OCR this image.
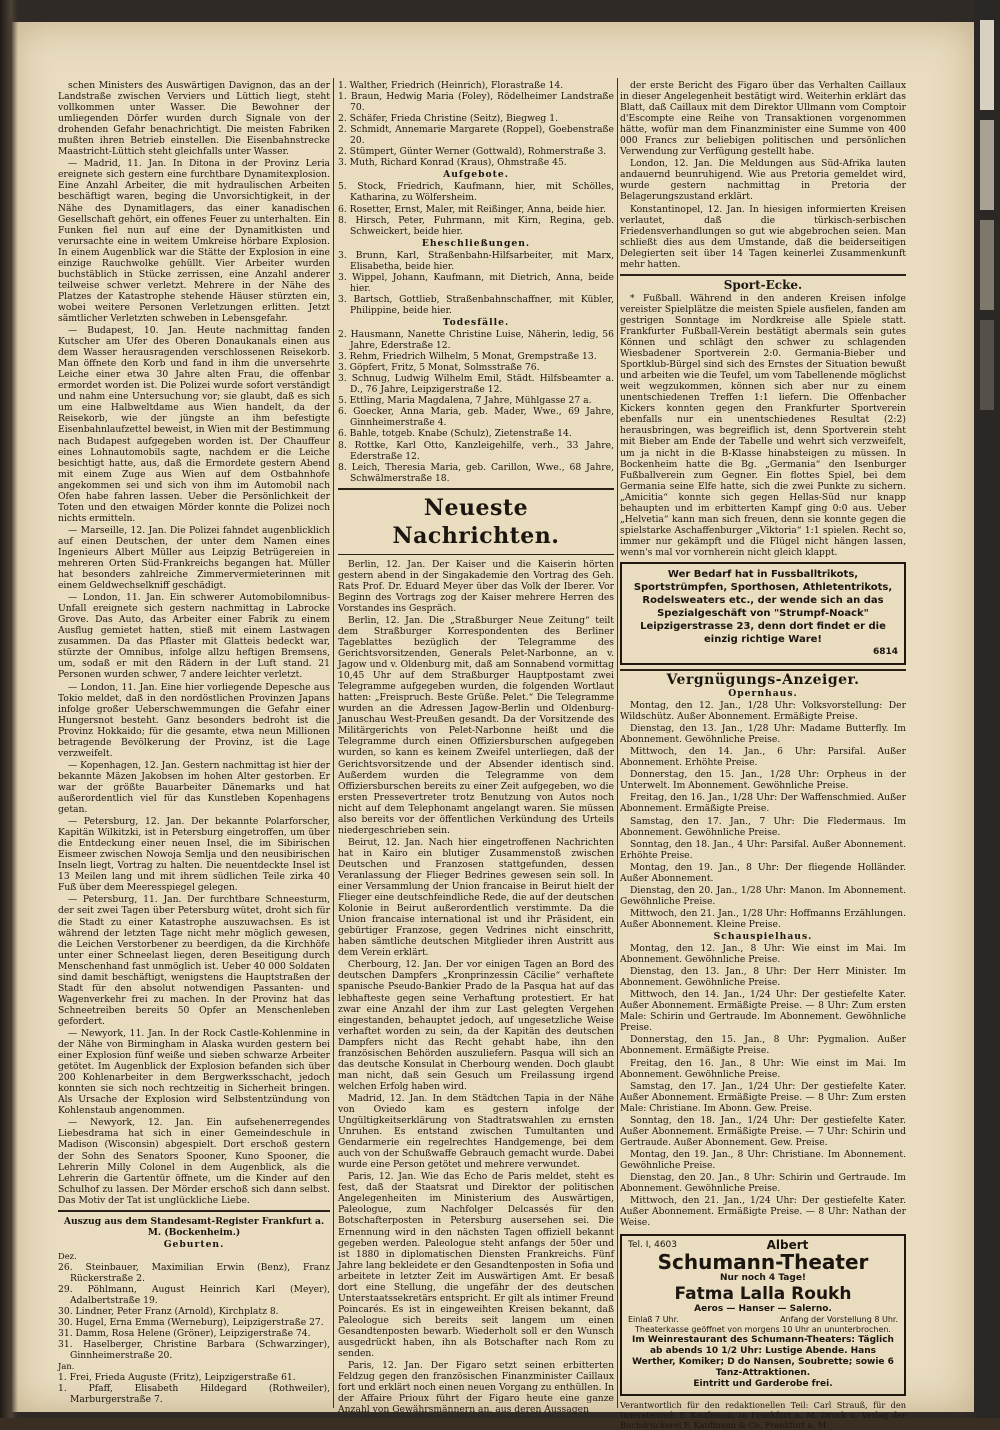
schen Ministers des Auswärtigen Davignon, das an der Landstraße zwischen Verviers und Lüttich liegt, steht vollkommen unter Wasser. Die Bewohner der umliegenden Dörfer wurden durch Signale von der drohenden Gefahr benachrichtigt. Die meisten Fabriken mußten ihren Betrieb einstellen. Die Eisenbahnstrecke Maastricht-Lüttich steht gleichfalls unter Wasser.

— Madrid, 11. Jan. In Ditona in der Provinz Leria ereignete sich gestern eine furchtbare Dynamitexplosion. Eine Anzahl Arbeiter, die mit hydraulischen Arbeiten beschäftigt waren, beging die Unvorsichtigkeit, in der Nähe des Dynamitlagers, das einer kanadischen Gesellschaft gehört, ein offenes Feuer zu unterhalten. Ein Funken fiel nun auf eine der Dynamitkisten und verursachte eine in weitem Umkreise hörbare Explosion. In einem Augenblick war die Stätte der Explosion in eine einzige Rauchwolke gehüllt. Vier Arbeiter wurden buchstäblich in Stücke zerrissen, eine Anzahl anderer teilweise schwer verletzt. Mehrere in der Nähe des Platzes der Katastrophe stehende Häuser stürzten ein, wobei weitere Personen Verletzungen erlitten. Jetzt sämtlicher Verletzten schweben in Lebensgefahr.

— Budapest, 10. Jan. Heute nachmittag fanden Kutscher am Ufer des Oberen Donaukanals einen aus dem Wasser herausragenden verschlossenen Reisekorb. Man öffnete den Korb und fand in ihm die unversehrte Leiche einer etwa 30 Jahre alten Frau, die offenbar ermordet worden ist. Die Polizei wurde sofort verständigt und nahm eine Untersuchung vor; sie glaubt, daß es sich um eine Halbweltdame aus Wien handelt, da der Reisekorb, wie der jüngste an ihm befestigte Eisenbahnlaufzettel beweist, in Wien mit der Bestimmung nach Budapest aufgegeben worden ist. Der Chauffeur eines Lohnautomobils sagte, nachdem er die Leiche besichtigt hatte, aus, daß die Ermordete gestern Abend mit einem Zuge aus Wien auf dem Ostbahnhofe angekommen sei und sich von ihm im Automobil nach Ofen habe fahren lassen. Ueber die Persönlichkeit der Toten und den etwaigen Mörder konnte die Polizei noch nichts ermitteln.

— Marseille, 12. Jan. Die Polizei fahndet augenblicklich auf einen Deutschen, der unter dem Namen eines Ingenieurs Albert Müller aus Leipzig Betrügereien in mehreren Orten Süd-Frankreichs begangen hat. Müller hat besonders zahlreiche Zimmervermieterinnen mit einem Geldwechselkniff geschädigt.

— London, 11. Jan. Ein schwerer Automobilomnibus-Unfall ereignete sich gestern nachmittag in Labrocke Grove. Das Auto, das Arbeiter einer Fabrik zu einem Ausflug gemietet hatten, stieß mit einem Lastwagen zusammen. Da das Pflaster mit Glatteis bedeckt war, stürzte der Omnibus, infolge allzu heftigen Bremsens, um, sodaß er mit den Rädern in der Luft stand. 21 Personen wurden schwer, 7 andere leichter verletzt.

— London, 11. Jan. Eine hier vorliegende Depesche aus Tokio meldet, daß in den nordöstlichen Provinzen Japans infolge großer Ueberschwemmungen die Gefahr einer Hungersnot besteht. Ganz besonders bedroht ist die Provinz Hokkaido; für die gesamte, etwa neun Millionen betragende Bevölkerung der Provinz, ist die Lage verzweifelt.

— Kopenhagen, 12. Jan. Gestern nachmittag ist hier der bekannte Mäzen Jakobsen im hohen Alter gestorben. Er war der größte Bauarbeiter Dänemarks und hat außerordentlich viel für das Kunstleben Kopenhagens getan.

— Petersburg, 12. Jan. Der bekannte Polarforscher, Kapitän Wilkitzki, ist in Petersburg eingetroffen, um über die Entdeckung einer neuen Insel, die im Sibirischen Eismeer zwischen Nowoja Semlja und den neusibirischen Inseln liegt, Vortrag zu halten. Die neuentdeckte Insel ist 13 Meilen lang und mit ihrem südlichen Teile zirka 40 Fuß über dem Meeresspiegel gelegen.

— Petersburg, 11. Jan. Der furchtbare Schneesturm, der seit zwei Tagen über Petersburg wütet, droht sich für die Stadt zu einer Katastrophe auszuwachsen. Es ist während der letzten Tage nicht mehr möglich gewesen, die Leichen Verstorbener zu beerdigen, da die Kirchhöfe unter einer Schneelast liegen, deren Beseitigung durch Menschenhand fast unmöglich ist. Ueber 40 000 Soldaten sind damit beschäftigt, wenigstens die Hauptstraßen der Stadt für den absolut notwendigen Passanten- und Wagenverkehr frei zu machen. In der Provinz hat das Schneetreiben bereits 50 Opfer an Menschenleben gefordert.

— Newyork, 11. Jan. In der Rock Castle-Kohlenmine in der Nähe von Birmingham in Alaska wurden gestern bei einer Explosion fünf weiße und sieben schwarze Arbeiter getötet. Im Augenblick der Explosion befanden sich über 200 Kohlenarbeiter in dem Bergwerksschacht, jedoch konnten sie sich noch rechtzeitig in Sicherheit bringen. Als Ursache der Explosion wird Selbstentzündung von Kohlenstaub angenommen.

— Newyork, 12. Jan. Ein aufsehenerregendes Liebesdrama hat sich in einer Gemeindeschule in Madison (Wisconsin) abgespielt. Dort erschoß gestern der Sohn des Senators Spooner, Kuno Spooner, die Lehrerin Milly Colonel in dem Augenblick, als die Lehrerin die Gartentür öffnete, um die Kinder auf den Schulhof zu lassen. Der Mörder erschoß sich dann selbst. Das Motiv der Tat ist unglückliche Liebe.

Auszug aus dem Standesamt-Register Frankfurt a. M. (Bockenheim.)

Geburten.

Dez.

26. Steinbauer, Maximilian Erwin (Benz), Franz Rückerstraße 2.

29. Pöhlmann, August Heinrich Karl (Meyer), Adalbertstraße 19.

30. Lindner, Peter Franz (Arnold), Kirchplatz 8.

30. Hugel, Erna Emma (Werneburg), Leipzigerstraße 27.

31. Damm, Rosa Helene (Gröner), Leipzigerstraße 74.

31. Haselberger, Christine Barbara (Schwarzinger), Ginnheimerstraße 20.

Jan.

1. Frei, Frieda Auguste (Fritz), Leipzigerstraße 61.

1. Pfaff, Elisabeth Hildegard (Rothweiler), Marburgerstraße 7.

1. Walther, Friedrich (Heinrich), Florastraße 14.

1. Braun, Hedwig Maria (Foley), Rödelheimer Landstraße 70.

2. Schäfer, Frieda Christine (Seitz), Biegweg 1.

2. Schmidt, Annemarie Margarete (Roppel), Goebenstraße 20.

2. Stümpert, Günter Werner (Gottwald), Rohmerstraße 3.

3. Muth, Richard Konrad (Kraus), Ohmstraße 45.

Aufgebote.

5. Stock, Friedrich, Kaufmann, hier, mit Schölles, Katharina, zu Wölfersheim.

6. Rosetter, Ernst, Maler, mit Reißinger, Anna, beide hier.

8. Hirsch, Peter, Fuhrmann, mit Kirn, Regina, geb. Schweickert, beide hier.

Eheschließungen.

3. Brunn, Karl, Straßenbahn-Hilfsarbeiter, mit Marx, Elisabetha, beide hier.

3. Wippel, Johann, Kaufmann, mit Dietrich, Anna, beide hier.

3. Bartsch, Gottlieb, Straßenbahnschaffner, mit Kübler, Philippine, beide hier.

Todesfälle.

2. Hausmann, Nanette Christine Luise, Näherin, ledig, 56 Jahre, Ederstraße 12.

3. Rehm, Friedrich Wilhelm, 5 Monat, Grempstraße 13.

3. Göpfert, Fritz, 5 Monat, Solmsstraße 76.

3. Schnug, Ludwig Wilhelm Emil, Städt. Hilfsbeamter a. D., 76 Jahre, Leipzigerstraße 12.

5. Ettling, Maria Magdalena, 7 Jahre, Mühlgasse 27 a.

6. Goecker, Anna Maria, geb. Mader, Wwe., 69 Jahre, Ginnheimerstraße 4.

6. Bahle, totgeb. Knabe (Schulz), Zietenstraße 14.

8. Rottke, Karl Otto, Kanzleigehilfe, verh., 33 Jahre, Ederstraße 12.

8. Leich, Theresia Maria, geb. Carillon, Wwe., 68 Jahre, Schwälmerstraße 18.

Neueste Nachrichten.

Berlin, 12. Jan. Der Kaiser und die Kaiserin hörten gestern abend in der Singakademie den Vortrag des Geh. Rats Prof. Dr. Eduard Meyer über das Volk der Iberer. Vor Beginn des Vortrags zog der Kaiser mehrere Herren des Vorstandes ins Gespräch.

Berlin, 12. Jan. Die „Straßburger Neue Zeitung“ teilt dem Straßburger Korrespondenten des Berliner Tageblattes bezüglich der Telegramme des Gerichtsvorsitzenden, Generals Pelet-Narbonne, an v. Jagow und v. Oldenburg mit, daß am Sonnabend vormittag 10,45 Uhr auf dem Straßburger Hauptpostamt zwei Telegramme aufgegeben wurden, die folgenden Wortlaut hatten: „Freispruch. Beste Grüße. Pelet.“ Die Telegramme wurden an die Adressen Jagow-Berlin und Oldenburg-Januschau West-Preußen gesandt. Da der Vorsitzende des Militärgerichts von Pelet-Narbonne heißt und die Telegramme durch einen Offiziersburschen aufgegeben wurden, so kann es keinem Zweifel unterliegen, daß der Gerichtsvorsitzende und der Absender identisch sind. Außerdem wurden die Telegramme von dem Offiziersburschen bereits zu einer Zeit aufgegeben, wo die ersten Pressevertreter trotz Benutzung von Autos noch nicht auf dem Telephonamt angelangt waren. Sie müssen also bereits vor der öffentlichen Verkündung des Urteils niedergeschrieben sein.

Beirut, 12. Jan. Nach hier eingetroffenen Nachrichten hat in Kairo ein blutiger Zusammenstoß zwischen Deutschen und Franzosen stattgefunden, dessen Veranlassung der Flieger Bedrines gewesen sein soll. In einer Versammlung der Union francaise in Beirut hielt der Flieger eine deutschfeindliche Rede, die auf der deutschen Kolonie in Beirut außerordentlich verstimmte. Da die Union francaise international ist und ihr Präsident, ein gebürtiger Franzose, gegen Vedrines nicht einschritt, haben sämtliche deutschen Mitglieder ihren Austritt aus dem Verein erklärt.

Cherbourg, 12. Jan. Der vor einigen Tagen an Bord des deutschen Dampfers „Kronprinzessin Cäcilie“ verhaftete spanische Pseudo-Bankier Prado de la Pasqua hat auf das lebhafteste gegen seine Verhaftung protestiert. Er hat zwar eine Anzahl der ihm zur Last gelegten Vergehen eingestanden, behauptet jedoch, auf ungesetzliche Weise verhaftet worden zu sein, da der Kapitän des deutschen Dampfers nicht das Recht gehabt habe, ihn den französischen Behörden auszuliefern. Pasqua will sich an das deutsche Konsulat in Cherbourg wenden. Doch glaubt man nicht, daß sein Gesuch um Freilassung irgend welchen Erfolg haben wird.

Madrid, 12. Jan. In dem Städtchen Tapia in der Nähe von Oviedo kam es gestern infolge der Ungültigkeitserklärung von Stadtratswahlen zu ernsten Unruhen. Es entstand zwischen Tumultanten und Gendarmerie ein regelrechtes Handgemenge, bei dem auch von der Schußwaffe Gebrauch gemacht wurde. Dabei wurde eine Person getötet und mehrere verwundet.

Paris, 12. Jan. Wie das Echo de Paris meldet, steht es fest, daß der Staatsrat und Direktor der politischen Angelegenheiten im Ministerium des Auswärtigen, Paleologue, zum Nachfolger Delcassés für den Botschafterposten in Petersburg ausersehen sei. Die Ernennung wird in den nächsten Tagen offiziell bekannt gegeben werden. Paleologue steht anfangs der 50er und ist 1880 in diplomatischen Diensten Frankreichs. Fünf Jahre lang bekleidete er den Gesandtenposten in Sofia und arbeitete in letzter Zeit im Auswärtigen Amt. Er besaß dort eine Stellung, die ungefähr der des deutschen Unterstaatssekretärs entspricht. Er gilt als intimer Freund Poincarés. Es ist in eingeweihten Kreisen bekannt, daß Paleologue sich bereits seit langem um einen Gesandtenposten bewarb. Wiederholt soll er den Wunsch ausgedrückt haben, ihn als Botschafter nach Rom zu senden.

Paris, 12. Jan. Der Figaro setzt seinen erbitterten Feldzug gegen den französischen Finanzminister Caillaux fort und erklärt noch einen neuen Vorgang zu enthüllen. In der Affaire Prioux führt der Figaro heute eine ganze Anzahl von Gewährsmännern an, aus deren Aussagen

der erste Bericht des Figaro über das Verhalten Caillaux in dieser Angelegenheit bestätigt wird. Weiterhin erklärt das Blatt, daß Caillaux mit dem Direktor Ullmann vom Comptoir d'Escompte eine Reihe von Transaktionen vorgenommen hätte, wofür man dem Finanzminister eine Summe von 400 000 Francs zur beliebigen politischen und persönlichen Verwendung zur Verfügung gestellt habe.

London, 12. Jan. Die Meldungen aus Süd-Afrika lauten andauernd beunruhigend. Wie aus Pretoria gemeldet wird, wurde gestern nachmittag in Pretoria der Belagerungszustand erklärt.

Konstantinopel, 12. Jan. In hiesigen informierten Kreisen verlautet, daß die türkisch-serbischen Friedensverhandlungen so gut wie abgebrochen seien. Man schließt dies aus dem Umstande, daß die beiderseitigen Delegierten seit über 14 Tagen keinerlei Zusammenkunft mehr hatten.

Sport-Ecke.

* Fußball. Während in den anderen Kreisen infolge vereister Spielplätze die meisten Spiele ausfielen, fanden am gestrigen Sonntage im Nordkreise alle Spiele statt. Frankfurter Fußball-Verein bestätigt abermals sein gutes Können und schlägt den schwer zu schlagenden Wiesbadener Sportverein 2:0. Germania-Bieber und Sportklub-Bürgel sind sich des Ernstes der Situation bewußt und arbeiten wie die Teufel, um vom Tabellenende möglichst weit wegzukommen, können sich aber nur zu einem unentschiedenen Treffen 1:1 liefern. Die Offenbacher Kickers konnten gegen den Frankfurter Sportverein ebenfalls nur ein unentschiedenes Resultat (2:2) herausbringen, was begreiflich ist, denn Sportverein steht mit Bieber am Ende der Tabelle und wehrt sich verzweifelt, um ja nicht in die B-Klasse hinabsteigen zu müssen. In Bockenheim hatte die Bg. „Germania“ den Isenburger Fußballverein zum Gegner. Ein flottes Spiel, bei dem Germania seine Elfe hatte, sich die zwei Punkte zu sichern. „Amicitia“ konnte sich gegen Hellas-Süd nur knapp behaupten und im erbitterten Kampf ging 0:0 aus. Ueber „Helvetia“ kann man sich freuen, denn sie konnte gegen die spielstarke Aschaffenburger „Viktoria“ 1:1 spielen. Recht so, immer nur gekämpft und die Flügel nicht hängen lassen, wenn's mal vor vornherein nicht gleich klappt.

Wer Bedarf hat in Fussballtrikots, Sportstrümpfen, Sporthosen, Athletentrikots, Rodelsweaters etc., der wende sich an das Spezialgeschäft von "Strumpf-Noack" Leipzigerstrasse 23, denn dort findet er die einzig richtige Ware!
6814
Vergnügungs-Anzeiger.

Opernhaus.

Montag, den 12. Jan., 1/28 Uhr: Volksvorstellung: Der Wildschütz. Außer Abonnement. Ermäßigte Preise.

Dienstag, den 13. Jan., 1/28 Uhr: Madame Butterfly. Im Abonnement. Gewöhnliche Preise.

Mittwoch, den 14. Jan., 6 Uhr: Parsifal. Außer Abonnement. Erhöhte Preise.

Donnerstag, den 15. Jan., 1/28 Uhr: Orpheus in der Unterwelt. Im Abonnement. Gewöhnliche Preise.

Freitag, den 16. Jan., 1/28 Uhr: Der Waffenschmied. Außer Abonnement. Ermäßigte Preise.

Samstag, den 17. Jan., 7 Uhr: Die Fledermaus. Im Abonnement. Gewöhnliche Preise.

Sonntag, den 18. Jan., 4 Uhr: Parsifal. Außer Abonnement. Erhöhte Preise.

Montag, den 19. Jan., 8 Uhr: Der fliegende Holländer. Außer Abonnement.

Dienstag, den 20. Jan., 1/28 Uhr: Manon. Im Abonnement. Gewöhnliche Preise.

Mittwoch, den 21. Jan., 1/28 Uhr: Hoffmanns Erzählungen. Außer Abonnement. Kleine Preise.

Schauspielhaus.

Montag, den 12. Jan., 8 Uhr: Wie einst im Mai. Im Abonnement. Gewöhnliche Preise.

Dienstag, den 13. Jan., 8 Uhr: Der Herr Minister. Im Abonnement. Gewöhnliche Preise.

Mittwoch, den 14. Jan., 1/24 Uhr: Der gestiefelte Kater. Außer Abonnement. Ermäßigte Preise. — 8 Uhr: Zum ersten Male: Schirin und Gertraude. Im Abonnement. Gewöhnliche Preise.

Donnerstag, den 15. Jan., 8 Uhr: Pygmalion. Außer Abonnement. Ermäßigte Preise.

Freitag, den 16. Jan., 8 Uhr: Wie einst im Mai. Im Abonnement. Gewöhnliche Preise.

Samstag, den 17. Jan., 1/24 Uhr: Der gestiefelte Kater. Außer Abonnement. Ermäßigte Preise. — 8 Uhr: Zum ersten Male: Christiane. Im Abonn. Gew. Preise.

Sonntag, den 18. Jan., 1/24 Uhr: Der gestiefelte Kater. Außer Abonnement. Ermäßigte Preise. — 7 Uhr: Schirin und Gertraude. Außer Abonnement. Gew. Preise.

Montag, den 19. Jan., 8 Uhr: Christiane. Im Abonnement. Gewöhnliche Preise.

Dienstag, den 20. Jan., 8 Uhr: Schirin und Gertraude. Im Abonnement. Gewöhnliche Preise.

Mittwoch, den 21. Jan., 1/24 Uhr: Der gestiefelte Kater. Außer Abonnement. Ermäßigte Preise. — 8 Uhr: Nathan der Weise.

Tel. I, 4603	Albert
Schumann-Theater
Nur noch 4 Tage!
Fatma Lalla Roukh
Aeros — Hanser — Salerno.
Einlaß 7 Uhr.	Anfang der Vorstellung 8 Uhr.
Theaterkasse geöffnet von morgens 10 Uhr an ununterbrochen.
Im Weinrestaurant des Schumann-Theaters: Täglich ab abends 10 1/2 Uhr: Lustige Abende. Hans Werther, Komiker; D do Nansen, Soubrette; sowie 6 Tanz-Attraktionen.
Eintritt und Garderobe frei.

Verantwortlich für den redaktionellen Teil: Carl Strauß, für den Inseratenteil: F. Kaufmann, in Frankfurt a. M. Druck u. Verlag der Buchdruckerei F. Kaufmann & Co. Frankfurt a. M.
